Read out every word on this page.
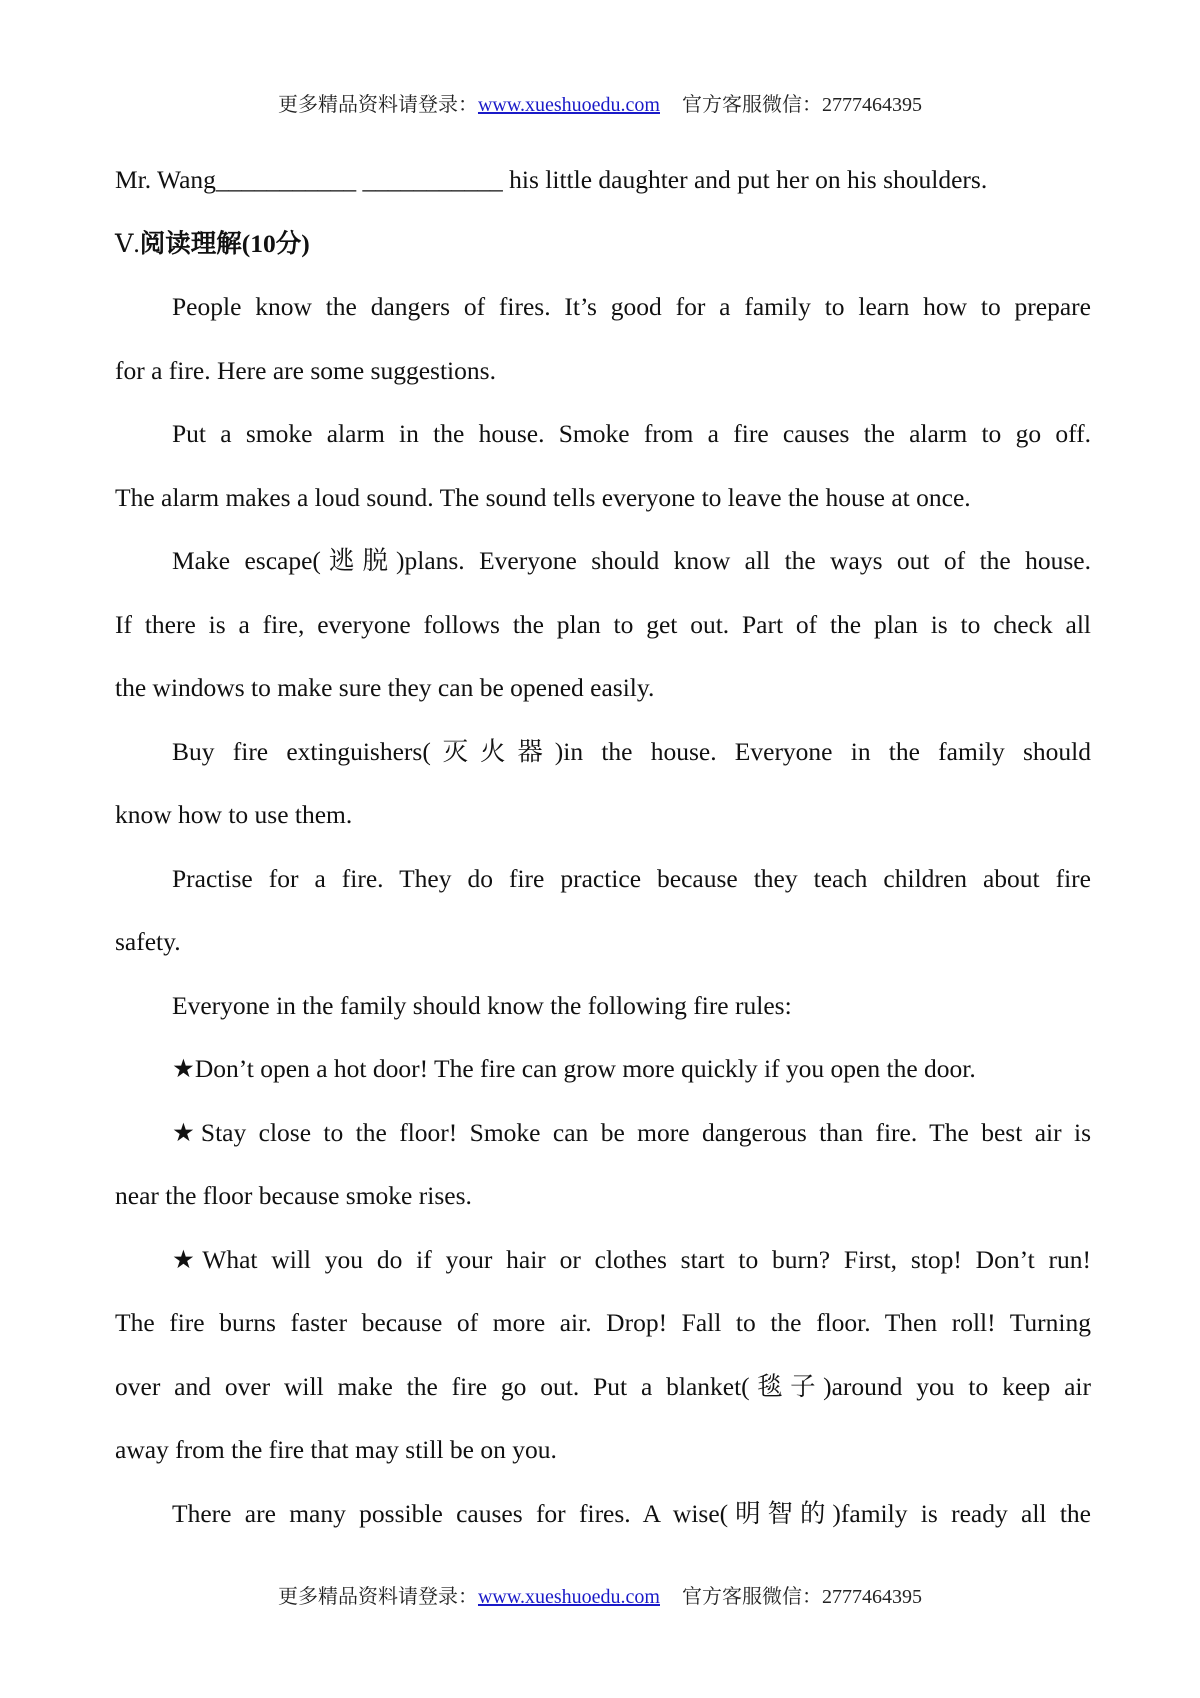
更多精品资料请登录：www.xueshuoedu.com 官方客服微信：2777464395
Mr. Wang___________ ___________ his little daughter and put her on his shoulders.
Ⅴ.阅读理解(10分)
People know the dangers of fires. It’s good for a family to learn how to prepare
for a fire. Here are some suggestions.
Put a smoke alarm in the house. Smoke from a fire causes the alarm to go off.
The alarm makes a loud sound. The sound tells everyone to leave the house at once.
Make escape(逃脱)plans. Everyone should know all the ways out of the house.
If there is a fire, everyone follows the plan to get out. Part of the plan is to check all
the windows to make sure they can be opened easily.
Buy fire extinguishers(灭火器)in the house. Everyone in the family should
know how to use them.
Practise for a fire. They do fire practice because they teach children about fire
safety.
Everyone in the family should know the following fire rules:
★Don’t open a hot door! The fire can grow more quickly if you open the door.
★Stay close to the floor! Smoke can be more dangerous than fire. The best air is
near the floor because smoke rises.
★What will you do if your hair or clothes start to burn? First, stop! Don’t run!
The fire burns faster because of more air. Drop! Fall to the floor. Then roll! Turning
over and over will make the fire go out. Put a blanket(毯子)around you to keep air
away from the fire that may still be on you.
There are many possible causes for fires. A wise(明智的)family is ready all the
更多精品资料请登录：www.xueshuoedu.com 官方客服微信：2777464395
